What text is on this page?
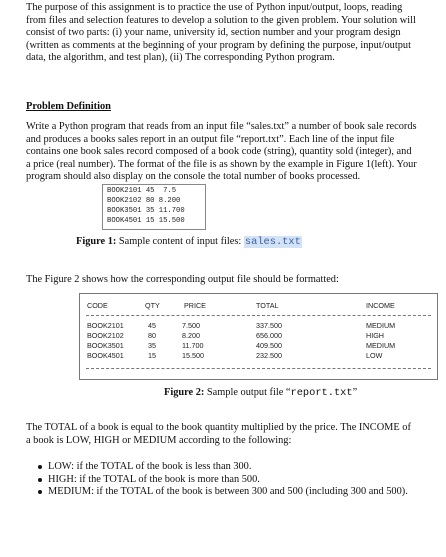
The purpose of this assignment is to practice the use of Python input/output, loops, reading
from files and selection features to develop a solution to the given problem. Your solution will
consist of two parts: (i) your name, university id, section number and your program design
(written as comments at the beginning of your program by defining the purpose, input/output
data, the algorithm, and test plan), (ii) The corresponding Python program.
Problem Definition
Write a Python program that reads from an input file “sales.txt” a number of book sale records
and produces a books sales report in an output file “report.txt”. Each line of the input file
contains one book sales record composed of a book code (string), quantity sold (integer), and
a price (real number). The format of the file is as shown by the example in Figure 1(left). Your
program should also display on the console the total number of books processed.
BOOK2101 45  7.5
BOOK2102 80 8.200
BOOK3501 35 11.700
BOOK4501 15 15.500
Figure 1: Sample content of input files: sales.txt
The Figure 2 shows how the corresponding output file should be formatted:
CODE	QTY	PRICE	TOTAL	INCOME
BOOK2101	45	7.500	337.500	MEDIUM
BOOK2102	80	8.200	656.000	HIGH
BOOK3501	35	11.700	409.500	MEDIUM
BOOK4501	15	15.500	232.500	LOW
Figure 2: Sample output file “report.txt”
The TOTAL of a book is equal to the book quantity multiplied by the price. The INCOME of
a book is LOW, HIGH or MEDIUM according to the following:
LOW: if the TOTAL of the book is less than 300.
HIGH: if the TOTAL of the book is more than 500.
MEDIUM: if the TOTAL of the book is between 300 and 500 (including 300 and 500).
